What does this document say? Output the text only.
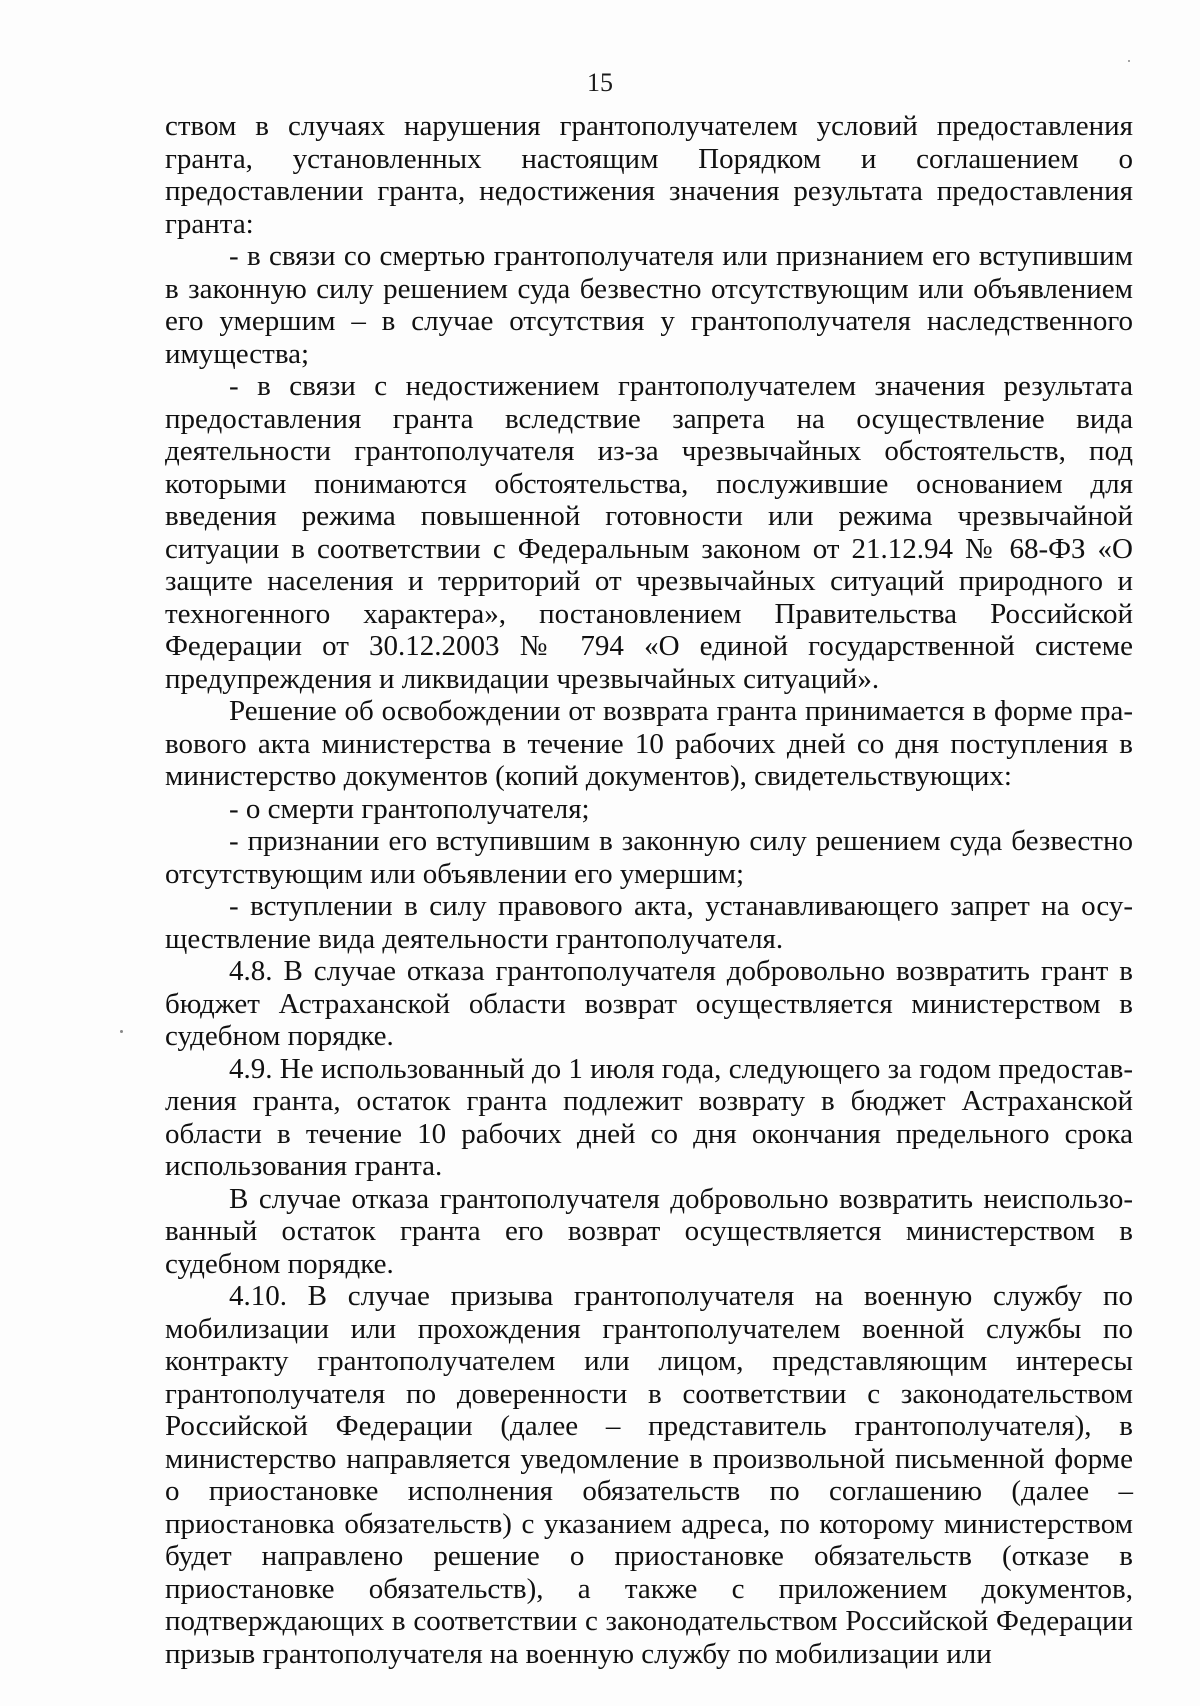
15

ством в случаях нарушения грантополучателем условий предоставления гранта, установленных настоящим Порядком и соглашением о предоставлении гранта, недостижения значения результата предоставления гранта:

- в связи со смертью грантополучателя или признанием его вступившим в законную силу решением суда безвестно отсутствующим или объявлением его умершим – в случае отсутствия у грантополучателя наследственного имущества;

- в связи с недостижением грантополучателем значения результата предоставления гранта вследствие запрета на осуществление вида деятельности грантополучателя из-за чрезвычайных обстоятельств, под которыми понимаются обстоятельства, послужившие основанием для введения режима повышенной готовности или режима чрезвычайной ситуации в соответствии с Федеральным законом от 21.12.94 № 68-ФЗ «О защите населения и территорий от чрезвычайных ситуаций природного и техногенного характера», постановлением Правительства Российской Федерации от 30.12.2003 № 794 «О единой государственной системе предупреждения и ликвидации чрезвычайных ситуаций».

Решение об освобождении от возврата гранта принимается в форме правового акта министерства в течение 10 рабочих дней со дня поступления в министерство документов (копий документов), свидетельствующих:

- о смерти грантополучателя;

- признании его вступившим в законную силу решением суда безвестно отсутствующим или объявлении его умершим;

- вступлении в силу правового акта, устанавливающего запрет на осуществление вида деятельности грантополучателя.

4.8. В случае отказа грантополучателя добровольно возвратить грант в бюджет Астраханской области возврат осуществляется министерством в судебном порядке.

4.9. Не использованный до 1 июля года, следующего за годом предоставления гранта, остаток гранта подлежит возврату в бюджет Астраханской области в течение 10 рабочих дней со дня окончания предельного срока использования гранта.

В случае отказа грантополучателя добровольно возвратить неиспользованный остаток гранта его возврат осуществляется министерством в судебном порядке.

4.10. В случае призыва грантополучателя на военную службу по мобилизации или прохождения грантополучателем военной службы по контракту грантополучателем или лицом, представляющим интересы грантополучателя по доверенности в соответствии с законодательством Российской Федерации (далее – представитель грантополучателя), в министерство направляется уведомление в произвольной письменной форме о приостановке исполнения обязательств по соглашению (далее – приостановка обязательств) с указанием адреса, по которому министерством будет направлено решение о приостановке обязательств (отказе в приостановке обязательств), а также с приложением документов, подтверждающих в соответствии с законодательством Российской Федерации призыв грантополучателя на военную службу по мобилизации или
